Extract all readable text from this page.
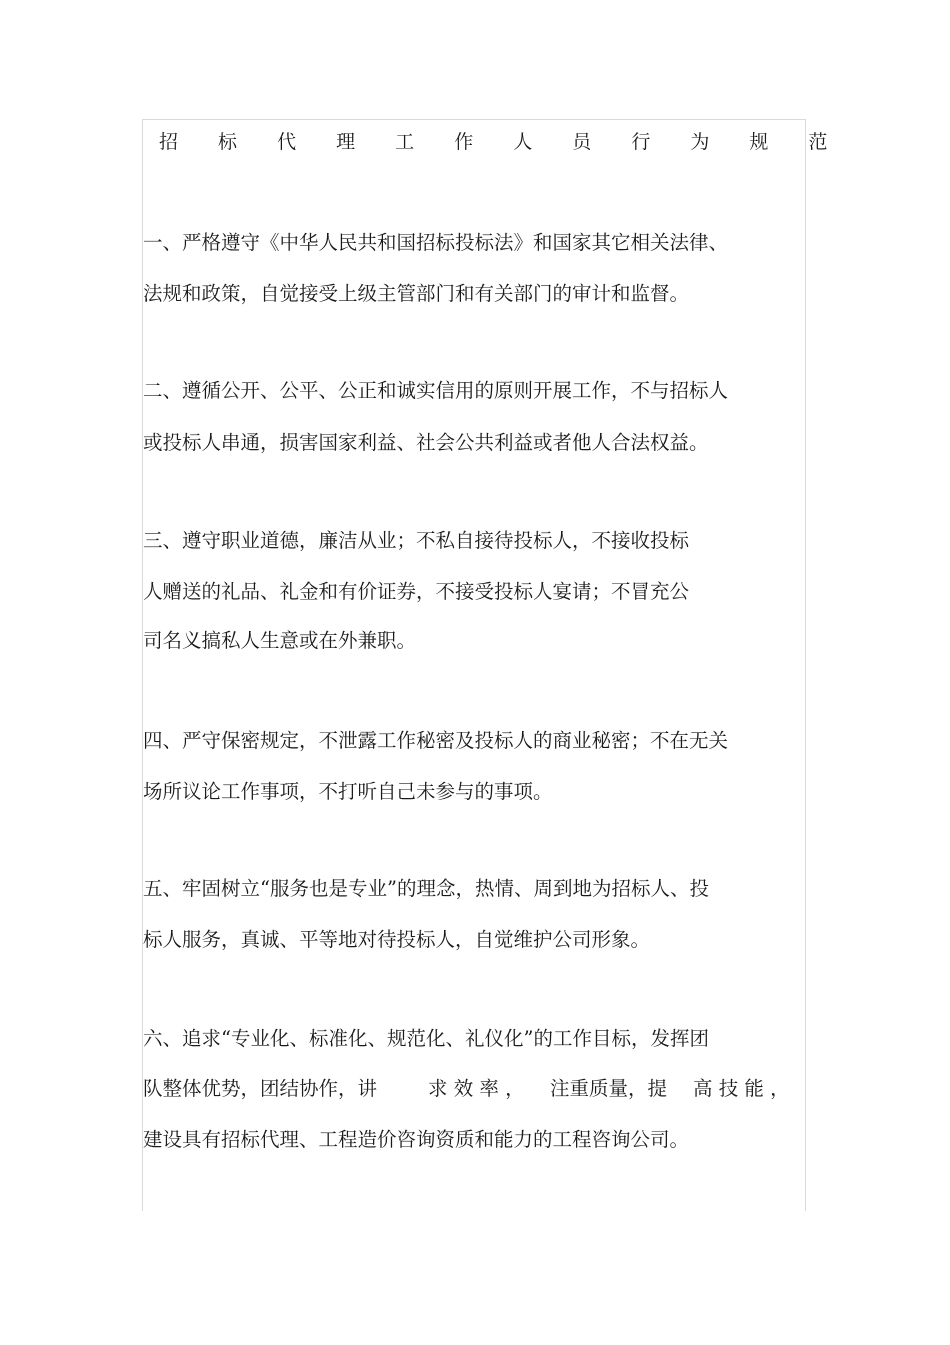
招 标 代 理 工 作 人 员 行 为 规 范
一、严格遵守《中华人民共和国招标投标法》和国家其它相关法律、
法规和政策，自觉接受上级主管部门和有关部门的审计和监督。
二、遵循公开、公平、公正和诚实信用的原则开展工作，不与招标人
或投标人串通，损害国家利益、社会公共利益或者他人合法权益。
三、遵守职业道德，廉洁从业；不私自接待投标人，不接收投标
人赠送的礼品、礼金和有价证券，不接受投标人宴请；不冒充公
司名义搞私人生意或在外兼职。
四、严守保密规定，不泄露工作秘密及投标人的商业秘密；不在无关
场所议论工作事项，不打听自己未参与的事项。
五、牢固树立“服务也是专业”的理念，热情、周到地为招标人、投
标人服务，真诚、平等地对待投标人，自觉维护公司形象。
六、追求“专业化、标准化、规范化、礼仪化”的工作目标，发挥团
队整体优势，团结协作，讲	求 效 率 ， 注重质量，提 高 技 能 ，
建设具有招标代理、工程造价咨询资质和能力的工程咨询公司。
